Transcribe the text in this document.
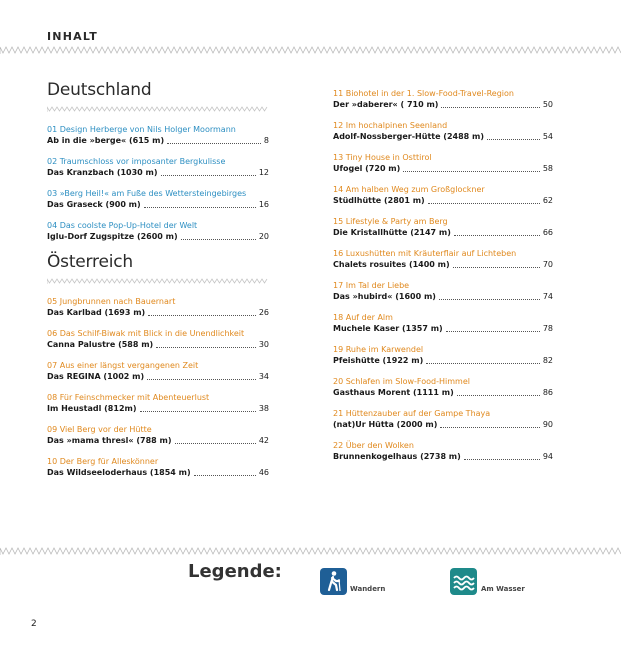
INHALT
Deutschland
01 Design Herberge von Nils Holger Moormann
Ab in die »berge« (615 m)	8
02 Traumschloss vor imposanter Bergkulisse
Das Kranzbach (1030 m)	12
03 »Berg Heil!« am Fuße des Wettersteingebirges
Das Graseck (900 m)	16
04 Das coolste Pop-Up-Hotel der Welt
Iglu-Dorf Zugspitze (2600 m)	20
Österreich
05 Jungbrunnen nach Bauernart
Das Karlbad (1693 m)	26
06 Das Schilf-Biwak mit Blick in die Unendlichkeit
Canna Palustre (588 m)	30
07 Aus einer längst vergangenen Zeit
Das REGINA (1002 m)	34
08 Für Feinschmecker mit Abenteuerlust
Im Heustadl (812m)	38
09 Viel Berg vor der Hütte
Das »mama thresl« (788 m)	42
10 Der Berg für Alleskönner
Das Wildseeloderhaus (1854 m)	46
11 Biohotel in der 1. Slow-Food-Travel-Region
Der »daberer« ( 710 m)	50
12 Im hochalpinen Seenland
Adolf-Nossberger-Hütte (2488 m)	54
13 Tiny House in Osttirol
Ufogel (720 m)	58
14 Am halben Weg zum Großglockner
Stüdlhütte (2801 m)	62
15 Lifestyle & Party am Berg
Die Kristallhütte (2147 m)	66
16 Luxushütten mit Kräuterflair auf Lichteben
Chalets rosuites (1400 m)	70
17 Im Tal der Liebe
Das »hubird« (1600 m)	74
18 Auf der Alm
Muchele Kaser (1357 m)	78
19 Ruhe im Karwendel
Pfeishütte (1922 m)	82
20 Schlafen im Slow-Food-Himmel
Gasthaus Morent (1111 m)	86
21 Hüttenzauber auf der Gampe Thaya
(nat)Ur Hütta (2000 m)	90
22 Über den Wolken
Brunnenkogelhaus (2738 m)	94
Legende:
Wandern	Am Wasser
2
